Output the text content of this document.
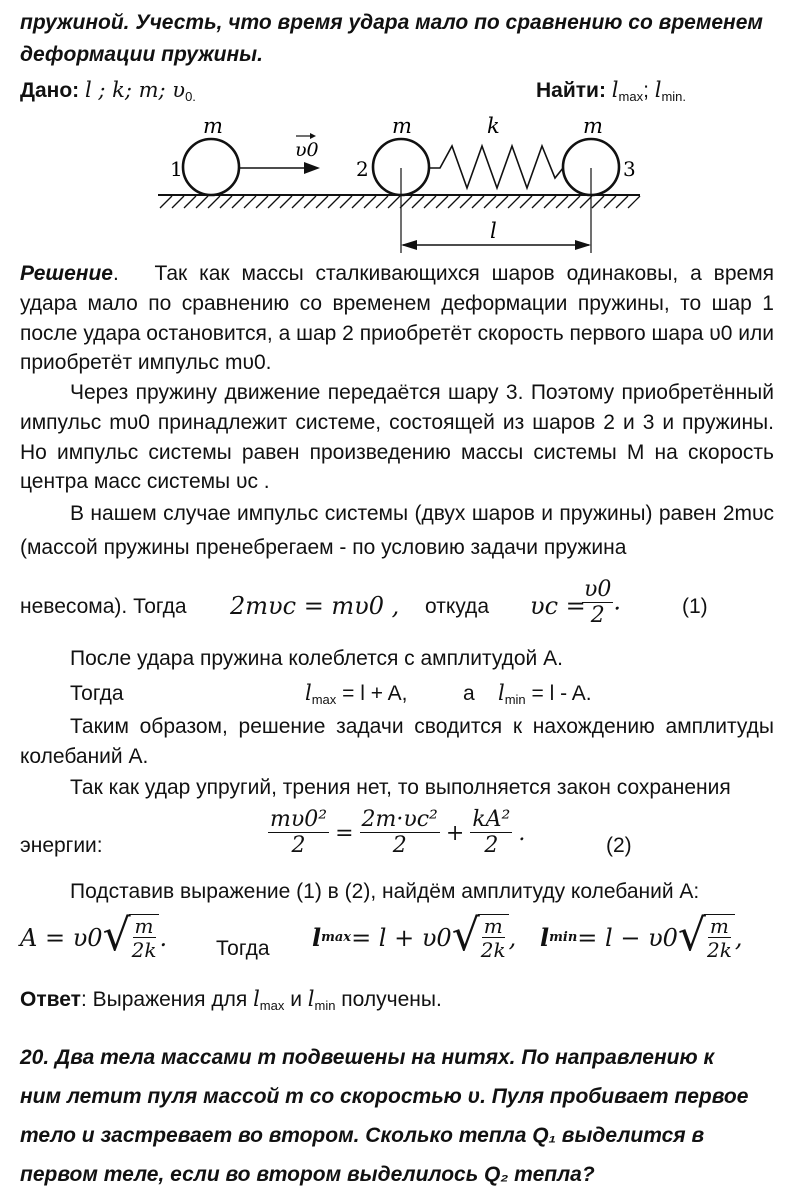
пружиной. Учесть, что время удара мало по сравнению со временем
деформации пружины.
Дано: l ; k; m; $\upsilon_{0.}$	Найти: $l_{max}$; $l_{min.}$
1	2	3
m	m	m
k
υ0
l
Решение.   Так как массы сталкивающихся шаров одинаковы, а время удара мало по сравнению со временем деформации пружины, то шар 1 после удара остановится, а шар 2 приобретёт скорость первого шара υ0 или приобретёт импульс mυ0.
Через пружину движение передаётся шару 3. Поэтому приобретённый импульс mυ0 принадлежит системе, состоящей из шаров 2 и 3 и пружины. Но импульс системы равен произведению массы системы M на скорость центра масс системы υc .
В нашем случае импульс системы (двух шаров и пружины) равен 2mυc (массой пружины пренебрегаем - по условию задачи пружина
невесома). Тогда 2mυc = mυ0 , откуда υc =
$\frac{\upsilon 0}{2}$ .	(1)
После удара пружина колеблется с амплитудой A.
Тогда	$l_{max} = l + A$,	а $l_{min} = l - A$.
Таким образом, решение задачи сводится к нахождению амплитуды колебаний A.
Так как удар упругий, трения нет, то выполняется закон сохранения
энергии:	$\frac{\text{mυ0²}}{2} = \frac{\text{2m·υc²}}{2} + \frac{\text{kA²}}{2}$ .	(2)
Подставив выражение (1) в (2), найдём амплитуду колебаний A:
A = υ0 √ $\frac{m}{2k}$ . Тогда l max = l + υ0 √ $\frac{m}{2k}$ , l min = l − υ0 √ $\frac{m}{2k}$ ,
Ответ: Выражения для $l_{max}$ и $l_{min}$ получены.
20. Два тела массами m подвешены на нитях. По направлению к
ним летит пуля массой m со скоростью υ. Пуля пробивает первое
тело и застревает во втором. Сколько тепла Q₁ выделится в
первом теле, если во втором выделилось Q₂ тепла?
